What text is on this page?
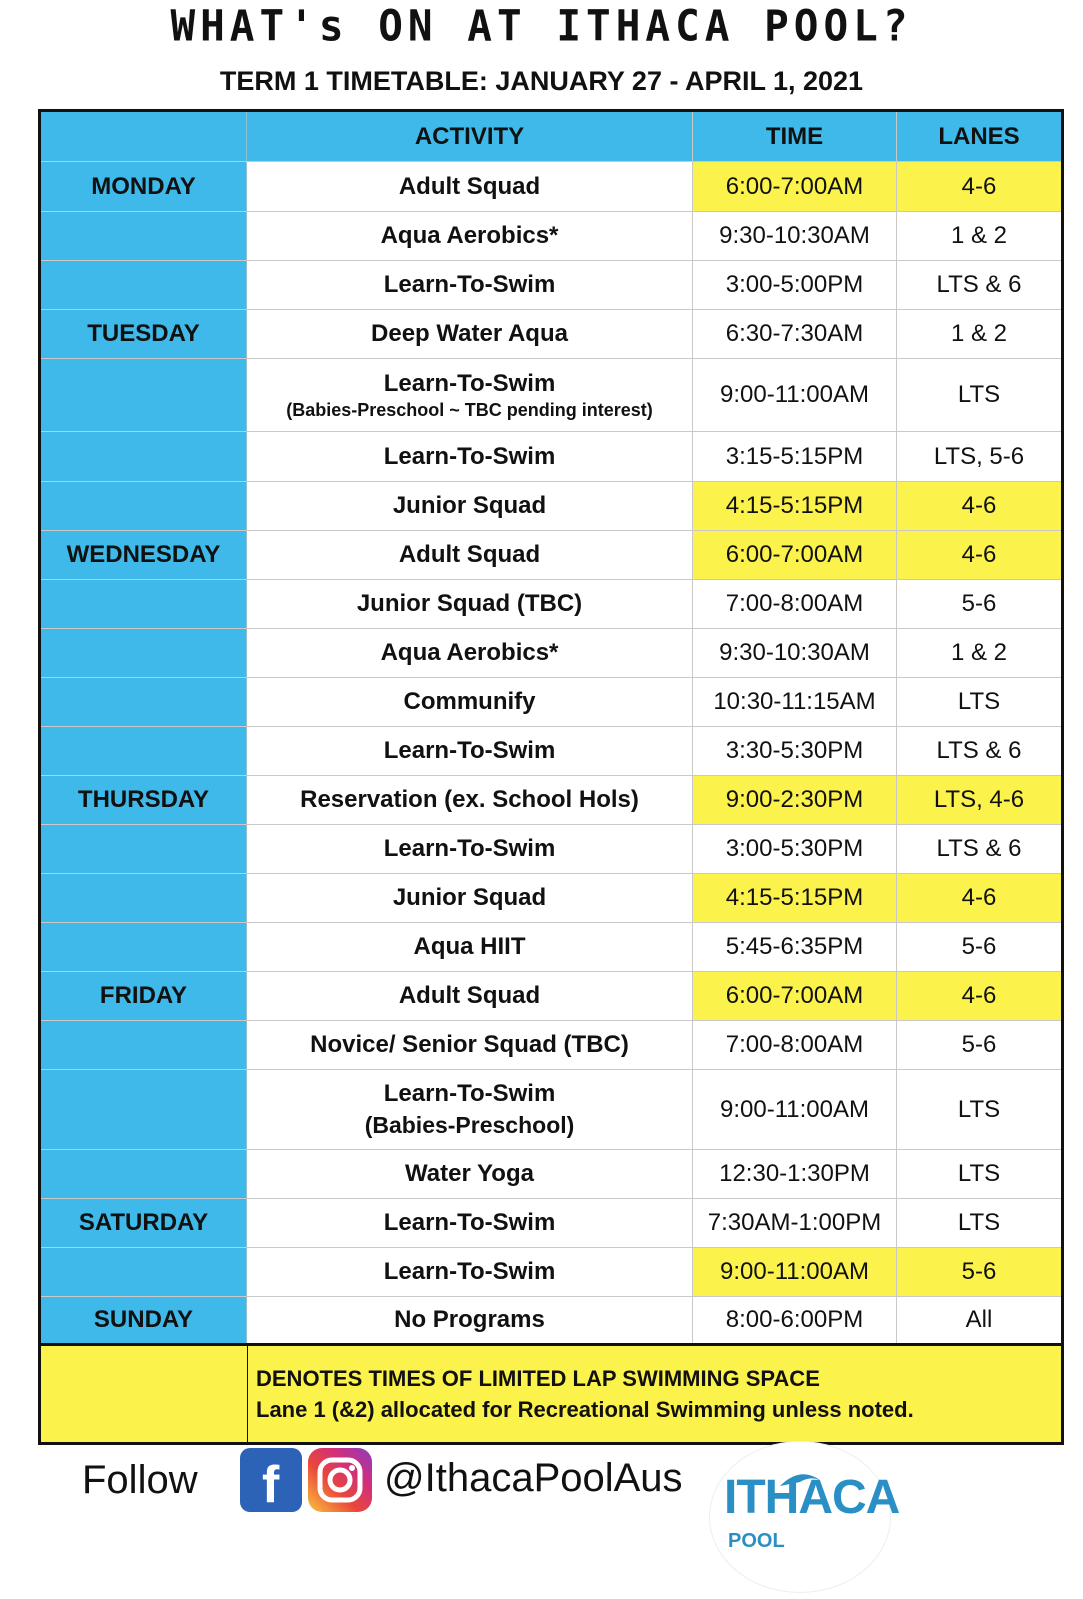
WHAT's ON AT ITHACA POOL?
TERM 1 TIMETABLE: JANUARY 27 - APRIL 1, 2021
ACTIVITY	TIME	LANES
MONDAY	Adult Squad	6:00-7:00AM	4-6
Aqua Aerobics*	9:30-10:30AM	1 & 2
Learn-To-Swim	3:00-5:00PM	LTS & 6
TUESDAY	Deep Water Aqua	6:30-7:30AM	1 & 2
Learn-To-Swim
(Babies-Preschool ~ TBC pending interest)
9:00-11:00AM	LTS
Learn-To-Swim	3:15-5:15PM	LTS, 5-6
Junior Squad	4:15-5:15PM	4-6
WEDNESDAY	Adult Squad	6:00-7:00AM	4-6
Junior Squad (TBC)	7:00-8:00AM	5-6
Aqua Aerobics*	9:30-10:30AM	1 & 2
Communify	10:30-11:15AM	LTS
Learn-To-Swim	3:30-5:30PM	LTS & 6
THURSDAY	Reservation (ex. School Hols)	9:00-2:30PM	LTS, 4-6
Learn-To-Swim	3:00-5:30PM	LTS & 6
Junior Squad	4:15-5:15PM	4-6
Aqua HIIT	5:45-6:35PM	5-6
FRIDAY	Adult Squad	6:00-7:00AM	4-6
Novice/ Senior Squad (TBC)	7:00-8:00AM	5-6
Learn-To-Swim
(Babies-Preschool)
9:00-11:00AM	LTS
Water Yoga	12:30-1:30PM	LTS
SATURDAY	Learn-To-Swim	7:30AM-1:00PM	LTS
Learn-To-Swim	9:00-11:00AM	5-6
SUNDAY	No Programs	8:00-6:00PM	All
DENOTES TIMES OF LIMITED LAP SWIMMING SPACE
Lane 1 (&2) allocated for Recreational Swimming unless noted.
Follow f	@IthacaPoolAus ITHACA
POOL
